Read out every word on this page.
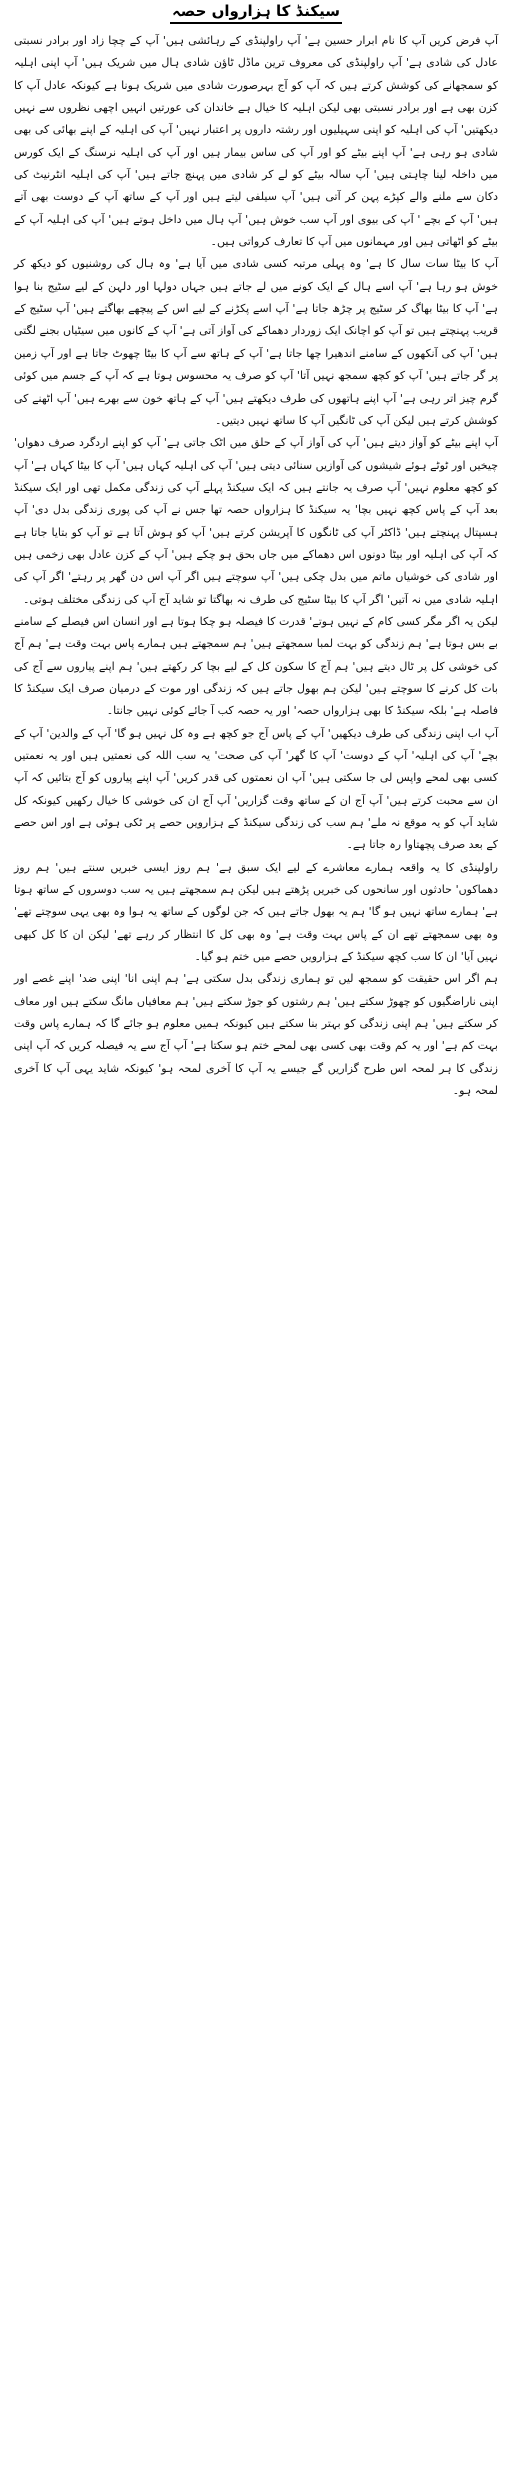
سیکنڈ کا ہزارواں حصہ

آپ فرض کریں آپ کا نام ابرار حسین ہے' آپ راولپنڈی کے رہائشی ہیں' آپ کے چچا زاد اور برادر نسبتی عادل کی شادی ہے' آپ راولپنڈی کی معروف ترین ماڈل ٹاؤن شادی ہال میں شریک ہیں' آپ اپنی اہلیہ کو سمجھانے کی کوشش کرتے ہیں کہ آپ کو آج بہرصورت شادی میں شریک ہونا ہے کیونکہ عادل آپ کا کزن بھی ہے اور برادر نسبتی بھی لیکن اہلیہ کا خیال ہے خاندان کی عورتیں انہیں اچھی نظروں سے نہیں دیکھتیں' آپ کی اہلیہ کو اپنی سہیلیوں اور رشتہ داروں پر اعتبار نہیں' آپ کی اہلیہ کے اپنے بھائی کی بھی شادی ہو رہی ہے' آپ اپنے بیٹے کو اور آپ کی ساس بیمار ہیں اور آپ کی اہلیہ نرسنگ کے ایک کورس میں داخلہ لینا چاہتی ہیں' آپ سالہ بیٹے کو لے کر شادی میں پہنچ جاتے ہیں' آپ کی اہلیہ انٹرنیٹ کی دکان سے ملنے والے کپڑے پہن کر آتی ہیں' آپ سیلفی لیتے ہیں اور آپ کے ساتھ آپ کے دوست بھی آتے ہیں' آپ کے بچے ' آپ کی بیوی اور آپ سب خوش ہیں' آپ ہال میں داخل ہوتے ہیں' آپ کی اہلیہ آپ کے بیٹے کو اٹھاتی ہیں اور مہمانوں میں آپ کا تعارف کرواتی ہیں۔

آپ کا بیٹا سات سال کا ہے' وہ پہلی مرتبہ کسی شادی میں آیا ہے' وہ ہال کی روشنیوں کو دیکھ کر خوش ہو رہا ہے' آپ اسے ہال کے ایک کونے میں لے جاتے ہیں جہاں دولہا اور دلہن کے لیے سٹیج بنا ہوا ہے' آپ کا بیٹا بھاگ کر سٹیج پر چڑھ جاتا ہے' آپ اسے پکڑنے کے لیے اس کے پیچھے بھاگتے ہیں' آپ سٹیج کے قریب پہنچتے ہیں تو آپ کو اچانک ایک زوردار دھماکے کی آواز آتی ہے' آپ کے کانوں میں سیٹیاں بجنے لگتی ہیں' آپ کی آنکھوں کے سامنے اندھیرا چھا جاتا ہے' آپ کے ہاتھ سے آپ کا بیٹا چھوٹ جاتا ہے اور آپ زمین پر گر جاتے ہیں' آپ کو کچھ سمجھ نہیں آتا' آپ کو صرف یہ محسوس ہوتا ہے کہ آپ کے جسم میں کوئی گرم چیز اتر رہی ہے' آپ اپنے ہاتھوں کی طرف دیکھتے ہیں' آپ کے ہاتھ خون سے بھرے ہیں' آپ اٹھنے کی کوشش کرتے ہیں لیکن آپ کی ٹانگیں آپ کا ساتھ نہیں دیتیں۔

آپ اپنے بیٹے کو آواز دیتے ہیں' آپ کی آواز آپ کے حلق میں اٹک جاتی ہے' آپ کو اپنے اردگرد صرف دھواں' چیخیں اور ٹوٹے ہوئے شیشوں کی آوازیں سنائی دیتی ہیں' آپ کی اہلیہ کہاں ہیں' آپ کا بیٹا کہاں ہے' آپ کو کچھ معلوم نہیں' آپ صرف یہ جانتے ہیں کہ ایک سیکنڈ پہلے آپ کی زندگی مکمل تھی اور ایک سیکنڈ بعد آپ کے پاس کچھ نہیں بچا' یہ سیکنڈ کا ہزارواں حصہ تھا جس نے آپ کی پوری زندگی بدل دی' آپ ہسپتال پہنچتے ہیں' ڈاکٹر آپ کی ٹانگوں کا آپریشن کرتے ہیں' آپ کو ہوش آتا ہے تو آپ کو بتایا جاتا ہے کہ آپ کی اہلیہ اور بیٹا دونوں اس دھماکے میں جاں بحق ہو چکے ہیں' آپ کے کزن عادل بھی زخمی ہیں اور شادی کی خوشیاں ماتم میں بدل چکی ہیں' آپ سوچتے ہیں اگر آپ اس دن گھر پر رہتے' اگر آپ کی اہلیہ شادی میں نہ آتیں' اگر آپ کا بیٹا سٹیج کی طرف نہ بھاگتا تو شاید آج آپ کی زندگی مختلف ہوتی۔

لیکن یہ اگر مگر کسی کام کے نہیں ہوتے' قدرت کا فیصلہ ہو چکا ہوتا ہے اور انسان اس فیصلے کے سامنے بے بس ہوتا ہے' ہم زندگی کو بہت لمبا سمجھتے ہیں' ہم سمجھتے ہیں ہمارے پاس بہت وقت ہے' ہم آج کی خوشی کل پر ٹال دیتے ہیں' ہم آج کا سکون کل کے لیے بچا کر رکھتے ہیں' ہم اپنے پیاروں سے آج کی بات کل کرنے کا سوچتے ہیں' لیکن ہم بھول جاتے ہیں کہ زندگی اور موت کے درمیان صرف ایک سیکنڈ کا فاصلہ ہے' بلکہ سیکنڈ کا بھی ہزارواں حصہ' اور یہ حصہ کب آ جائے کوئی نہیں جانتا۔

آپ اب اپنی زندگی کی طرف دیکھیں' آپ کے پاس آج جو کچھ ہے وہ کل نہیں ہو گا' آپ کے والدین' آپ کے بچے' آپ کی اہلیہ' آپ کے دوست' آپ کا گھر' آپ کی صحت' یہ سب اللہ کی نعمتیں ہیں اور یہ نعمتیں کسی بھی لمحے واپس لی جا سکتی ہیں' آپ ان نعمتوں کی قدر کریں' آپ اپنے پیاروں کو آج بتائیں کہ آپ ان سے محبت کرتے ہیں' آپ آج ان کے ساتھ وقت گزاریں' آپ آج ان کی خوشی کا خیال رکھیں کیونکہ کل شاید آپ کو یہ موقع نہ ملے' ہم سب کی زندگی سیکنڈ کے ہزارویں حصے پر ٹکی ہوئی ہے اور اس حصے کے بعد صرف پچھتاوا رہ جاتا ہے۔

راولپنڈی کا یہ واقعہ ہمارے معاشرے کے لیے ایک سبق ہے' ہم روز ایسی خبریں سنتے ہیں' ہم روز دھماکوں' حادثوں اور سانحوں کی خبریں پڑھتے ہیں لیکن ہم سمجھتے ہیں یہ سب دوسروں کے ساتھ ہوتا ہے' ہمارے ساتھ نہیں ہو گا' ہم یہ بھول جاتے ہیں کہ جن لوگوں کے ساتھ یہ ہوا وہ بھی یہی سوچتے تھے' وہ بھی سمجھتے تھے ان کے پاس بہت وقت ہے' وہ بھی کل کا انتظار کر رہے تھے' لیکن ان کا کل کبھی نہیں آیا' ان کا سب کچھ سیکنڈ کے ہزارویں حصے میں ختم ہو گیا۔

ہم اگر اس حقیقت کو سمجھ لیں تو ہماری زندگی بدل سکتی ہے' ہم اپنی انا' اپنی ضد' اپنے غصے اور اپنی ناراضگیوں کو چھوڑ سکتے ہیں' ہم رشتوں کو جوڑ سکتے ہیں' ہم معافیاں مانگ سکتے ہیں اور معاف کر سکتے ہیں' ہم اپنی زندگی کو بہتر بنا سکتے ہیں کیونکہ ہمیں معلوم ہو جائے گا کہ ہمارے پاس وقت بہت کم ہے' اور یہ کم وقت بھی کسی بھی لمحے ختم ہو سکتا ہے' آپ آج سے یہ فیصلہ کریں کہ آپ اپنی زندگی کا ہر لمحہ اس طرح گزاریں گے جیسے یہ آپ کا آخری لمحہ ہو' کیونکہ شاید یہی آپ کا آخری لمحہ ہو۔
